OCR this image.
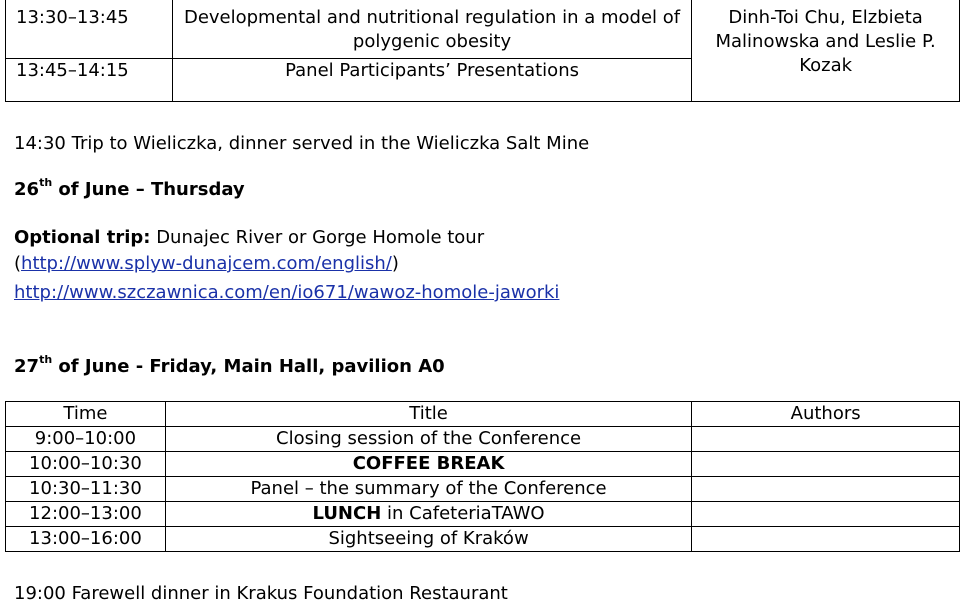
13:30–13:45	Developmental and nutritional regulation in a model of polygenic obesity	Dinh-Toi Chu, Elzbieta Malinowska and Leslie P. Kozak
13:45–14:15	Panel Participants’ Presentations	
14:30 Trip to Wieliczka, dinner served in the Wieliczka Salt Mine
26th of June – Thursday
Optional trip: Dunajec River or Gorge Homole tour
(http://www.splyw-dunajcem.com/english/)
http://www.szczawnica.com/en/io671/wawoz-homole-jaworki
27th of June - Friday, Main Hall, pavilion A0
Time	Title	Authors
9:00–10:00	Closing session of the Conference	
10:00–10:30	COFFEE BREAK	
10:30–11:30	Panel – the summary of the Conference	
12:00–13:00	LUNCH in CafeteriaTAWO	
13:00–16:00	Sightseeing of Kraków	
19:00 Farewell dinner in Krakus Foundation Restaurant
